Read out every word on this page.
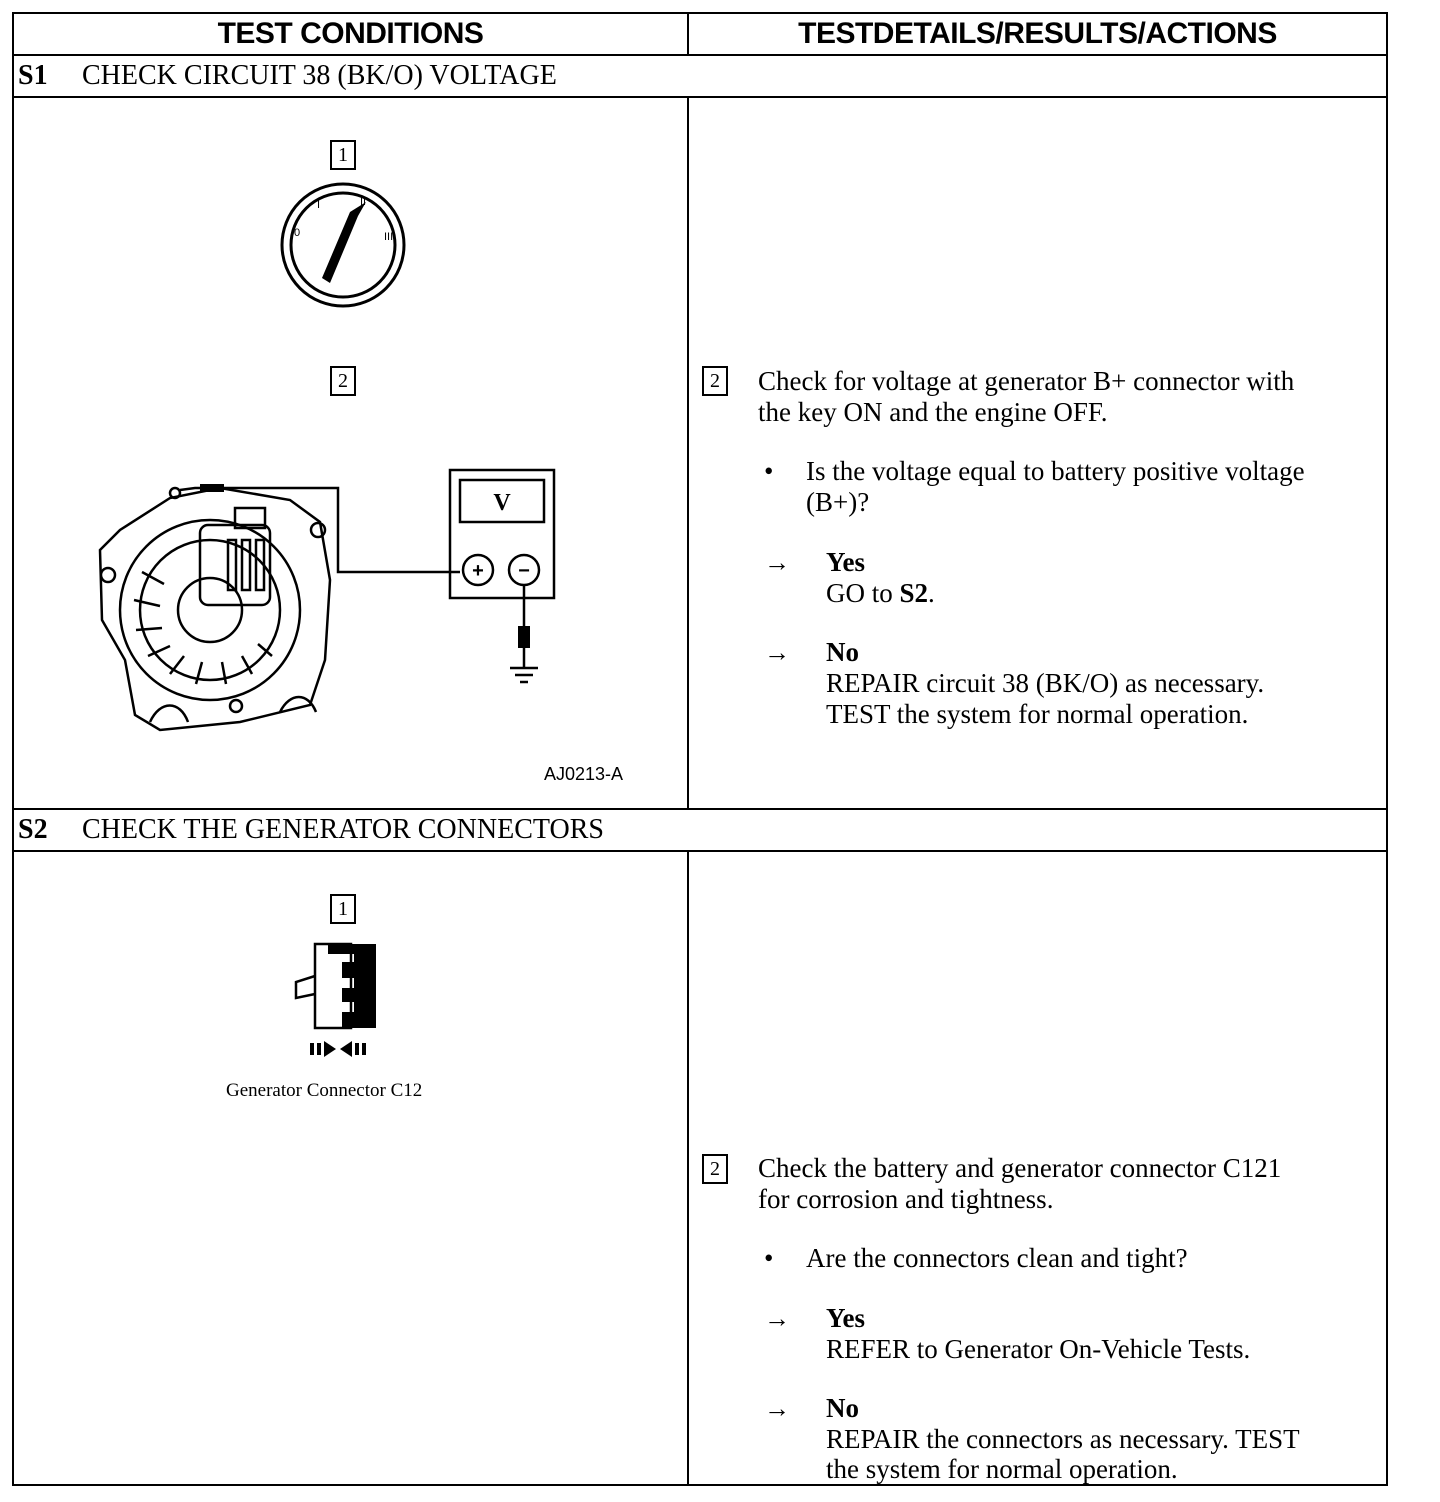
TEST CONDITIONS	TESTDETAILS/RESULTS/ACTIONS
S1	CHECK CIRCUIT 38 (BK/O) VOLTAGE
1
0
I	II
III
2
V
+ −
AJ0213-A
2 Check for voltage at generator B+ connector with
the key ON and the engine OFF.
• Is the voltage equal to battery positive voltage
(B+)?
→ Yes
GO to S2.
→ No
REPAIR circuit 38 (BK/O) as necessary.
TEST the system for normal operation.
S2	CHECK THE GENERATOR CONNECTORS
1
Generator Connector C12
2 Check the battery and generator connector C121
for corrosion and tightness.
• Are the connectors clean and tight?
→ Yes
REFER to Generator On-Vehicle Tests.
→ No
REPAIR the connectors as necessary. TEST
the system for normal operation.
